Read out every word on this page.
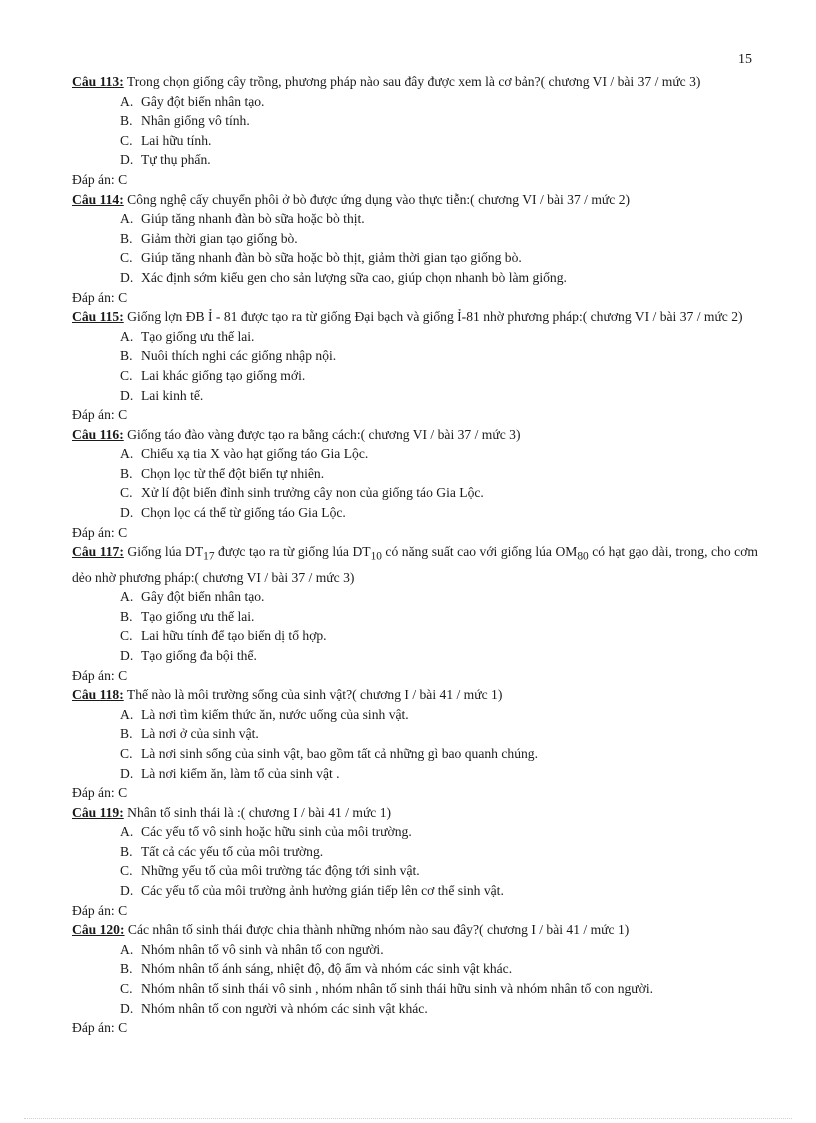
15

Câu 113: Trong chọn giống cây trồng, phương pháp nào sau đây được xem là cơ bản?( chương VI / bài 37 / mức 3)

A. Gây đột biến nhân tạo.
B. Nhân giống vô tính.
C. Lai hữu tính.
D. Tự thụ phấn.

Đáp án: C

Câu 114: Công nghệ cấy chuyển phôi ở bò được ứng dụng vào thực tiễn:( chương VI / bài 37 / mức 2)

A. Giúp tăng nhanh đàn bò sữa hoặc bò thịt.
B. Giảm thời gian tạo giống bò.
C. Giúp tăng nhanh đàn bò sữa hoặc bò thịt, giảm thời gian tạo giống bò.
D. Xác định sớm kiểu gen cho sản lượng sữa cao, giúp chọn nhanh bò làm giống.

Đáp án: C

Câu 115: Giống lợn ĐB Ỉ - 81 được tạo ra từ giống Đại bạch và giống Ỉ-81 nhờ phương pháp:( chương VI / bài 37 / mức 2)

A. Tạo giống ưu thế lai.
B. Nuôi thích nghi các giống nhập nội.
C. Lai khác giống tạo giống mới.
D. Lai kinh tế.

Đáp án: C

Câu 116: Giống táo đào vàng được tạo ra bằng cách:( chương VI / bài 37 / mức 3)

A. Chiếu xạ tia X vào hạt giống táo Gia Lộc.
B. Chọn lọc từ thể đột biến tự nhiên.
C. Xử lí đột biến đỉnh sinh trưởng cây non của giống táo Gia Lộc.
D. Chọn lọc cá thể từ giống táo Gia Lộc.

Đáp án: C

Câu 117: Giống lúa $DT_{17}$ được tạo ra từ giống lúa $DT_{10}$ có năng suất cao với giống lúa $OM_{80}$ có hạt gạo dài, trong, cho cơm dẻo nhờ phương pháp:( chương VI / bài 37 / mức 3)

A. Gây đột biến nhân tạo.
B. Tạo giống ưu thế lai.
C. Lai hữu tính để tạo biến dị tổ hợp.
D. Tạo giống đa bội thể.

Đáp án: C

Câu 118: Thế nào là môi trường sống của sinh vật?( chương I / bài 41 / mức 1)

A. Là nơi tìm kiếm thức ăn, nước uống của sinh vật.
B. Là nơi ở của sinh vật.
C. Là nơi sinh sống của sinh vật, bao gồm tất cả những gì bao quanh chúng.
D. Là nơi kiếm ăn, làm tổ của sinh vật .

Đáp án: C

Câu 119: Nhân tố sinh thái là :( chương I / bài 41 / mức 1)

A. Các yếu tố vô sinh hoặc hữu sinh của môi trường.
B. Tất cả các yếu tố của môi trường.
C. Những yếu tố của môi trường tác động tới sinh vật.
D. Các yếu tố của môi trường ảnh hưởng gián tiếp lên cơ thể sinh vật.

Đáp án: C

Câu 120: Các nhân tố sinh thái được chia thành những nhóm nào sau đây?( chương I / bài 41 / mức 1)

A. Nhóm nhân tố vô sinh và nhân tố con người.
B. Nhóm nhân tố ánh sáng, nhiệt độ, độ ẩm và nhóm các sinh vật khác.
C. Nhóm nhân tố sinh thái vô sinh , nhóm nhân tố sinh thái hữu sinh và nhóm nhân tố con người.
D. Nhóm nhân tố con người và nhóm các sinh vật khác.

Đáp án: C
